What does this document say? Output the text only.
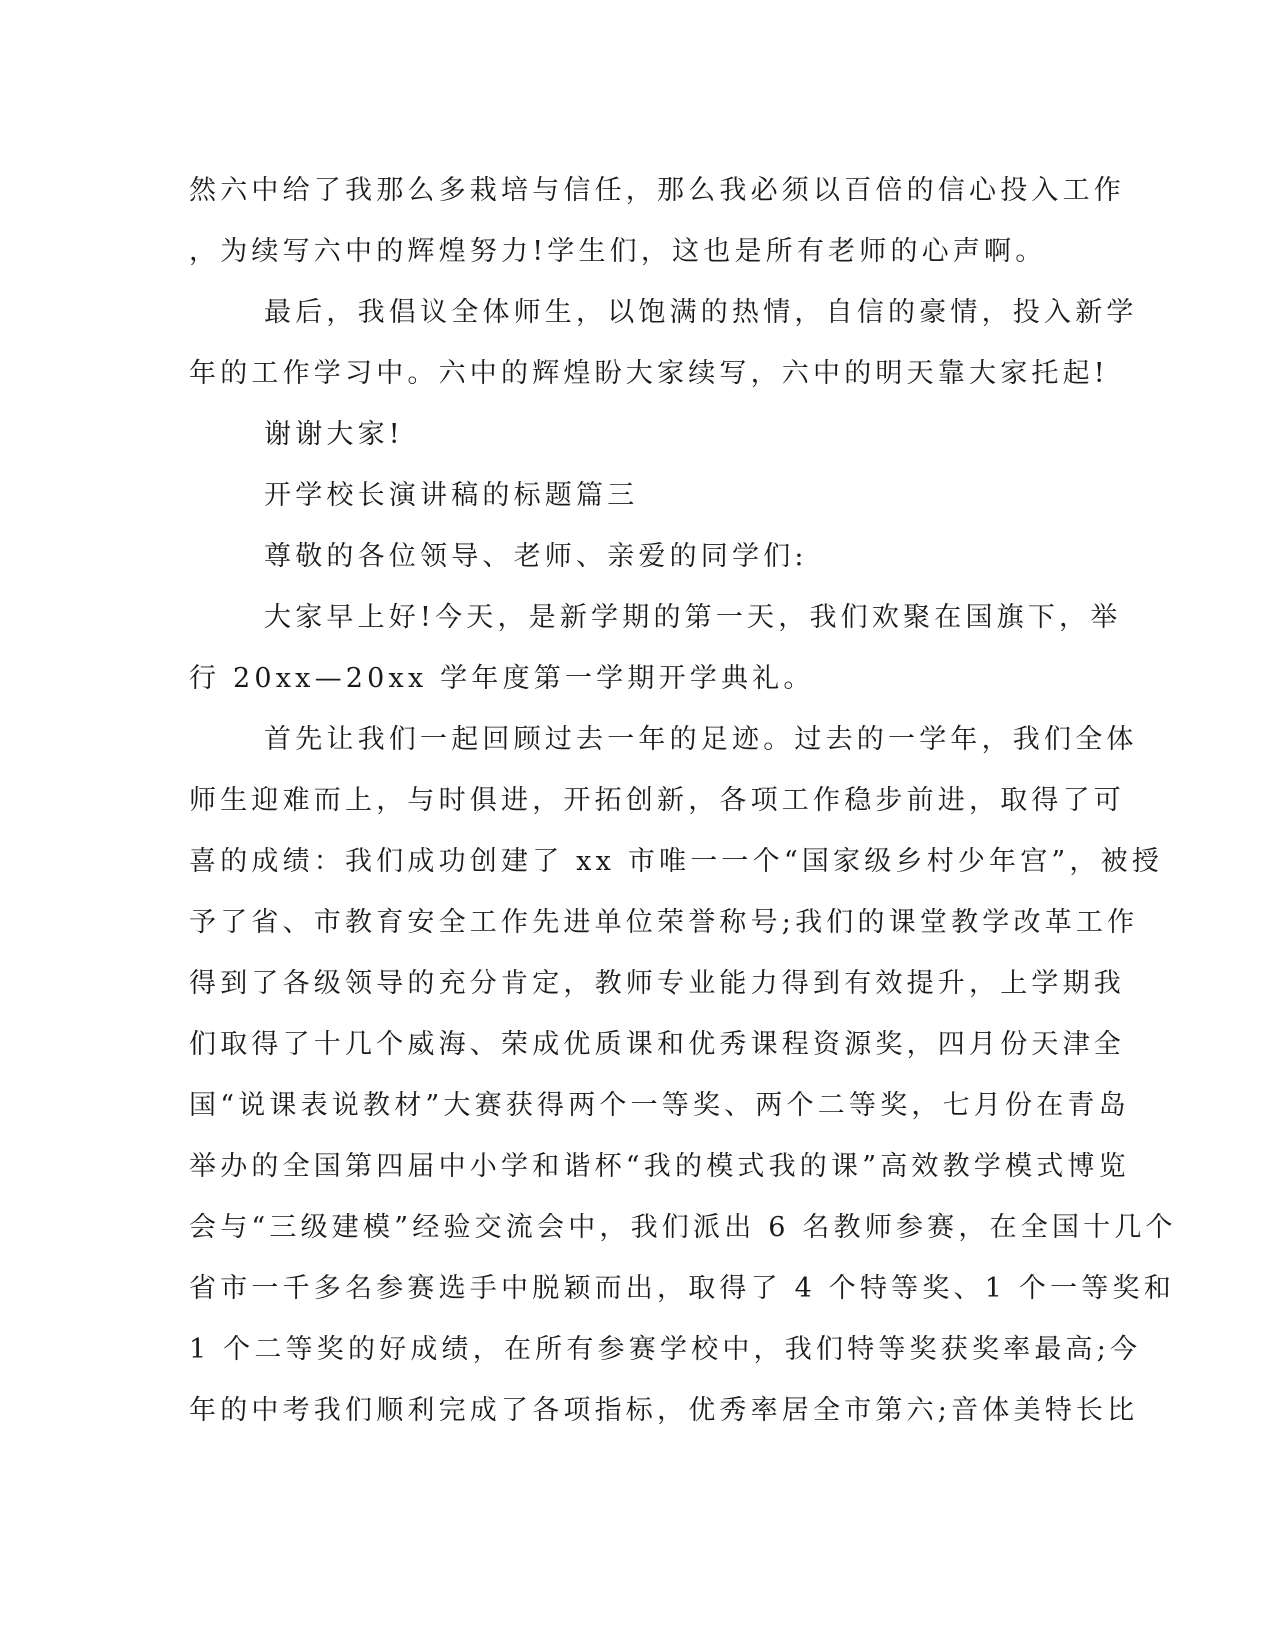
然六中给了我那么多栽培与信任，那么我必须以百倍的信心投入工作
，为续写六中的辉煌努力!学生们，这也是所有老师的心声啊。
最后，我倡议全体师生，以饱满的热情，自信的豪情，投入新学
年的工作学习中。六中的辉煌盼大家续写，六中的明天靠大家托起!
谢谢大家!
开学校长演讲稿的标题篇三
尊敬的各位领导、老师、亲爱的同学们:
大家早上好!今天，是新学期的第一天，我们欢聚在国旗下，举
行 20xx—20xx 学年度第一学期开学典礼。
首先让我们一起回顾过去一年的足迹。过去的一学年，我们全体
师生迎难而上，与时俱进，开拓创新，各项工作稳步前进，取得了可
喜的成绩：我们成功创建了 xx 市唯一一个“国家级乡村少年宫”，被授
予了省、市教育安全工作先进单位荣誉称号;我们的课堂教学改革工作
得到了各级领导的充分肯定，教师专业能力得到有效提升，上学期我
们取得了十几个威海、荣成优质课和优秀课程资源奖，四月份天津全
国“说课表说教材”大赛获得两个一等奖、两个二等奖，七月份在青岛
举办的全国第四届中小学和谐杯“我的模式我的课”高效教学模式博览
会与“三级建模”经验交流会中，我们派出 6 名教师参赛，在全国十几个
省市一千多名参赛选手中脱颖而出，取得了 4 个特等奖、1 个一等奖和
1 个二等奖的好成绩，在所有参赛学校中，我们特等奖获奖率最高;今
年的中考我们顺利完成了各项指标，优秀率居全市第六;音体美特长比
